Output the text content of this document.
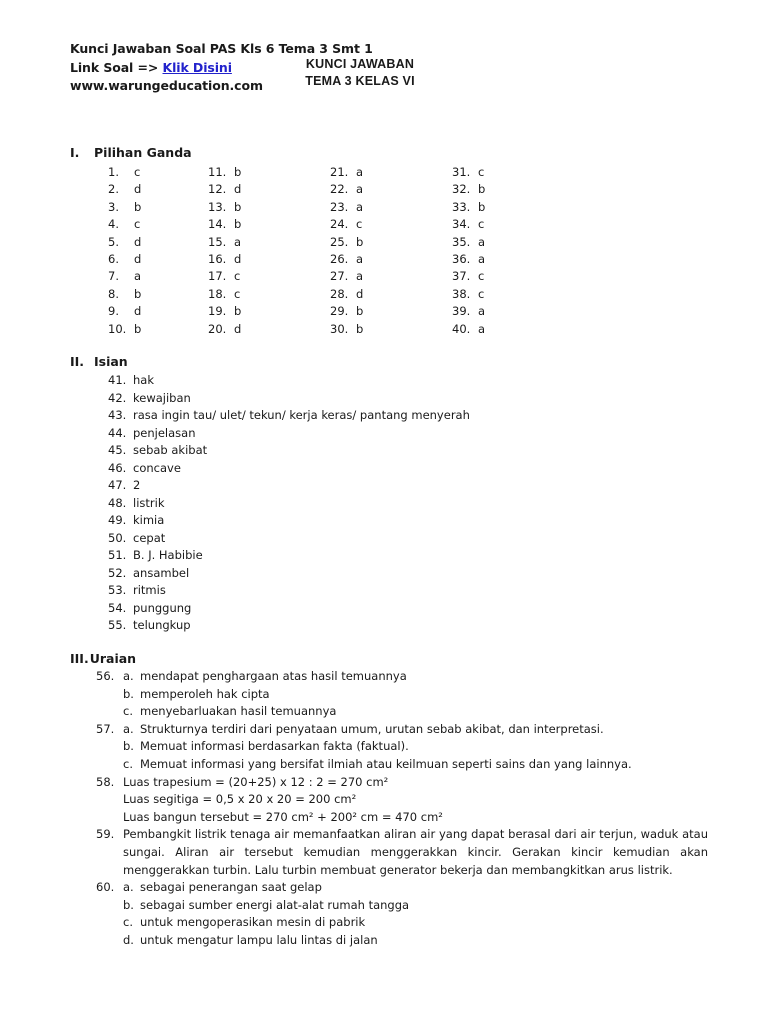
Kunci Jawaban Soal PAS Kls 6 Tema 3 Smt 1
Link Soal => Klik Disini
www.warungeducation.com
KUNCI JAWABAN
TEMA 3 KELAS VI
I. Pilihan Ganda
1. c
2. d
3. b
4. c
5. d
6. d
7. a
8. b
9. d
10. b
11. b
12. d
13. b
14. b
15. a
16. d
17. c
18. c
19. b
20. d
21. a
22. a
23. a
24. c
25. b
26. a
27. a
28. d
29. b
30. b
31. c
32. b
33. b
34. c
35. a
36. a
37. c
38. c
39. a
40. a
II. Isian
41. hak
42. kewajiban
43. rasa ingin tau/ ulet/ tekun/ kerja keras/ pantang menyerah
44. penjelasan
45. sebab akibat
46. concave
47. 2
48. listrik
49. kimia
50. cepat
51. B. J. Habibie
52. ansambel
53. ritmis
54. punggung
55. telungkup
III.Uraian
56. a. mendapat penghargaan atas hasil temuannya
b. memperoleh hak cipta
c. menyebarluakan hasil temuannya
57. a. Strukturnya terdiri dari penyataan umum, urutan sebab akibat, dan interpretasi.
b. Memuat informasi berdasarkan fakta (faktual).
c. Memuat informasi yang bersifat ilmiah atau keilmuan seperti sains dan yang lainnya.
58. Luas trapesium = (20+25) x 12 : 2 = 270 cm²
Luas segitiga = 0,5 x 20 x 20 = 200 cm²
Luas bangun tersebut = 270 cm² + 200² cm = 470 cm²
59. Pembangkit listrik tenaga air memanfaatkan aliran air yang dapat berasal dari air terjun, waduk atau sungai. Aliran air tersebut kemudian menggerakkan kincir. Gerakan kincir kemudian akan menggerakkan turbin. Lalu turbin membuat generator bekerja dan membangkitkan arus listrik.
60. a. sebagai penerangan saat gelap
b. sebagai sumber energi alat-alat rumah tangga
c. untuk mengoperasikan mesin di pabrik
d. untuk mengatur lampu lalu lintas di jalan
